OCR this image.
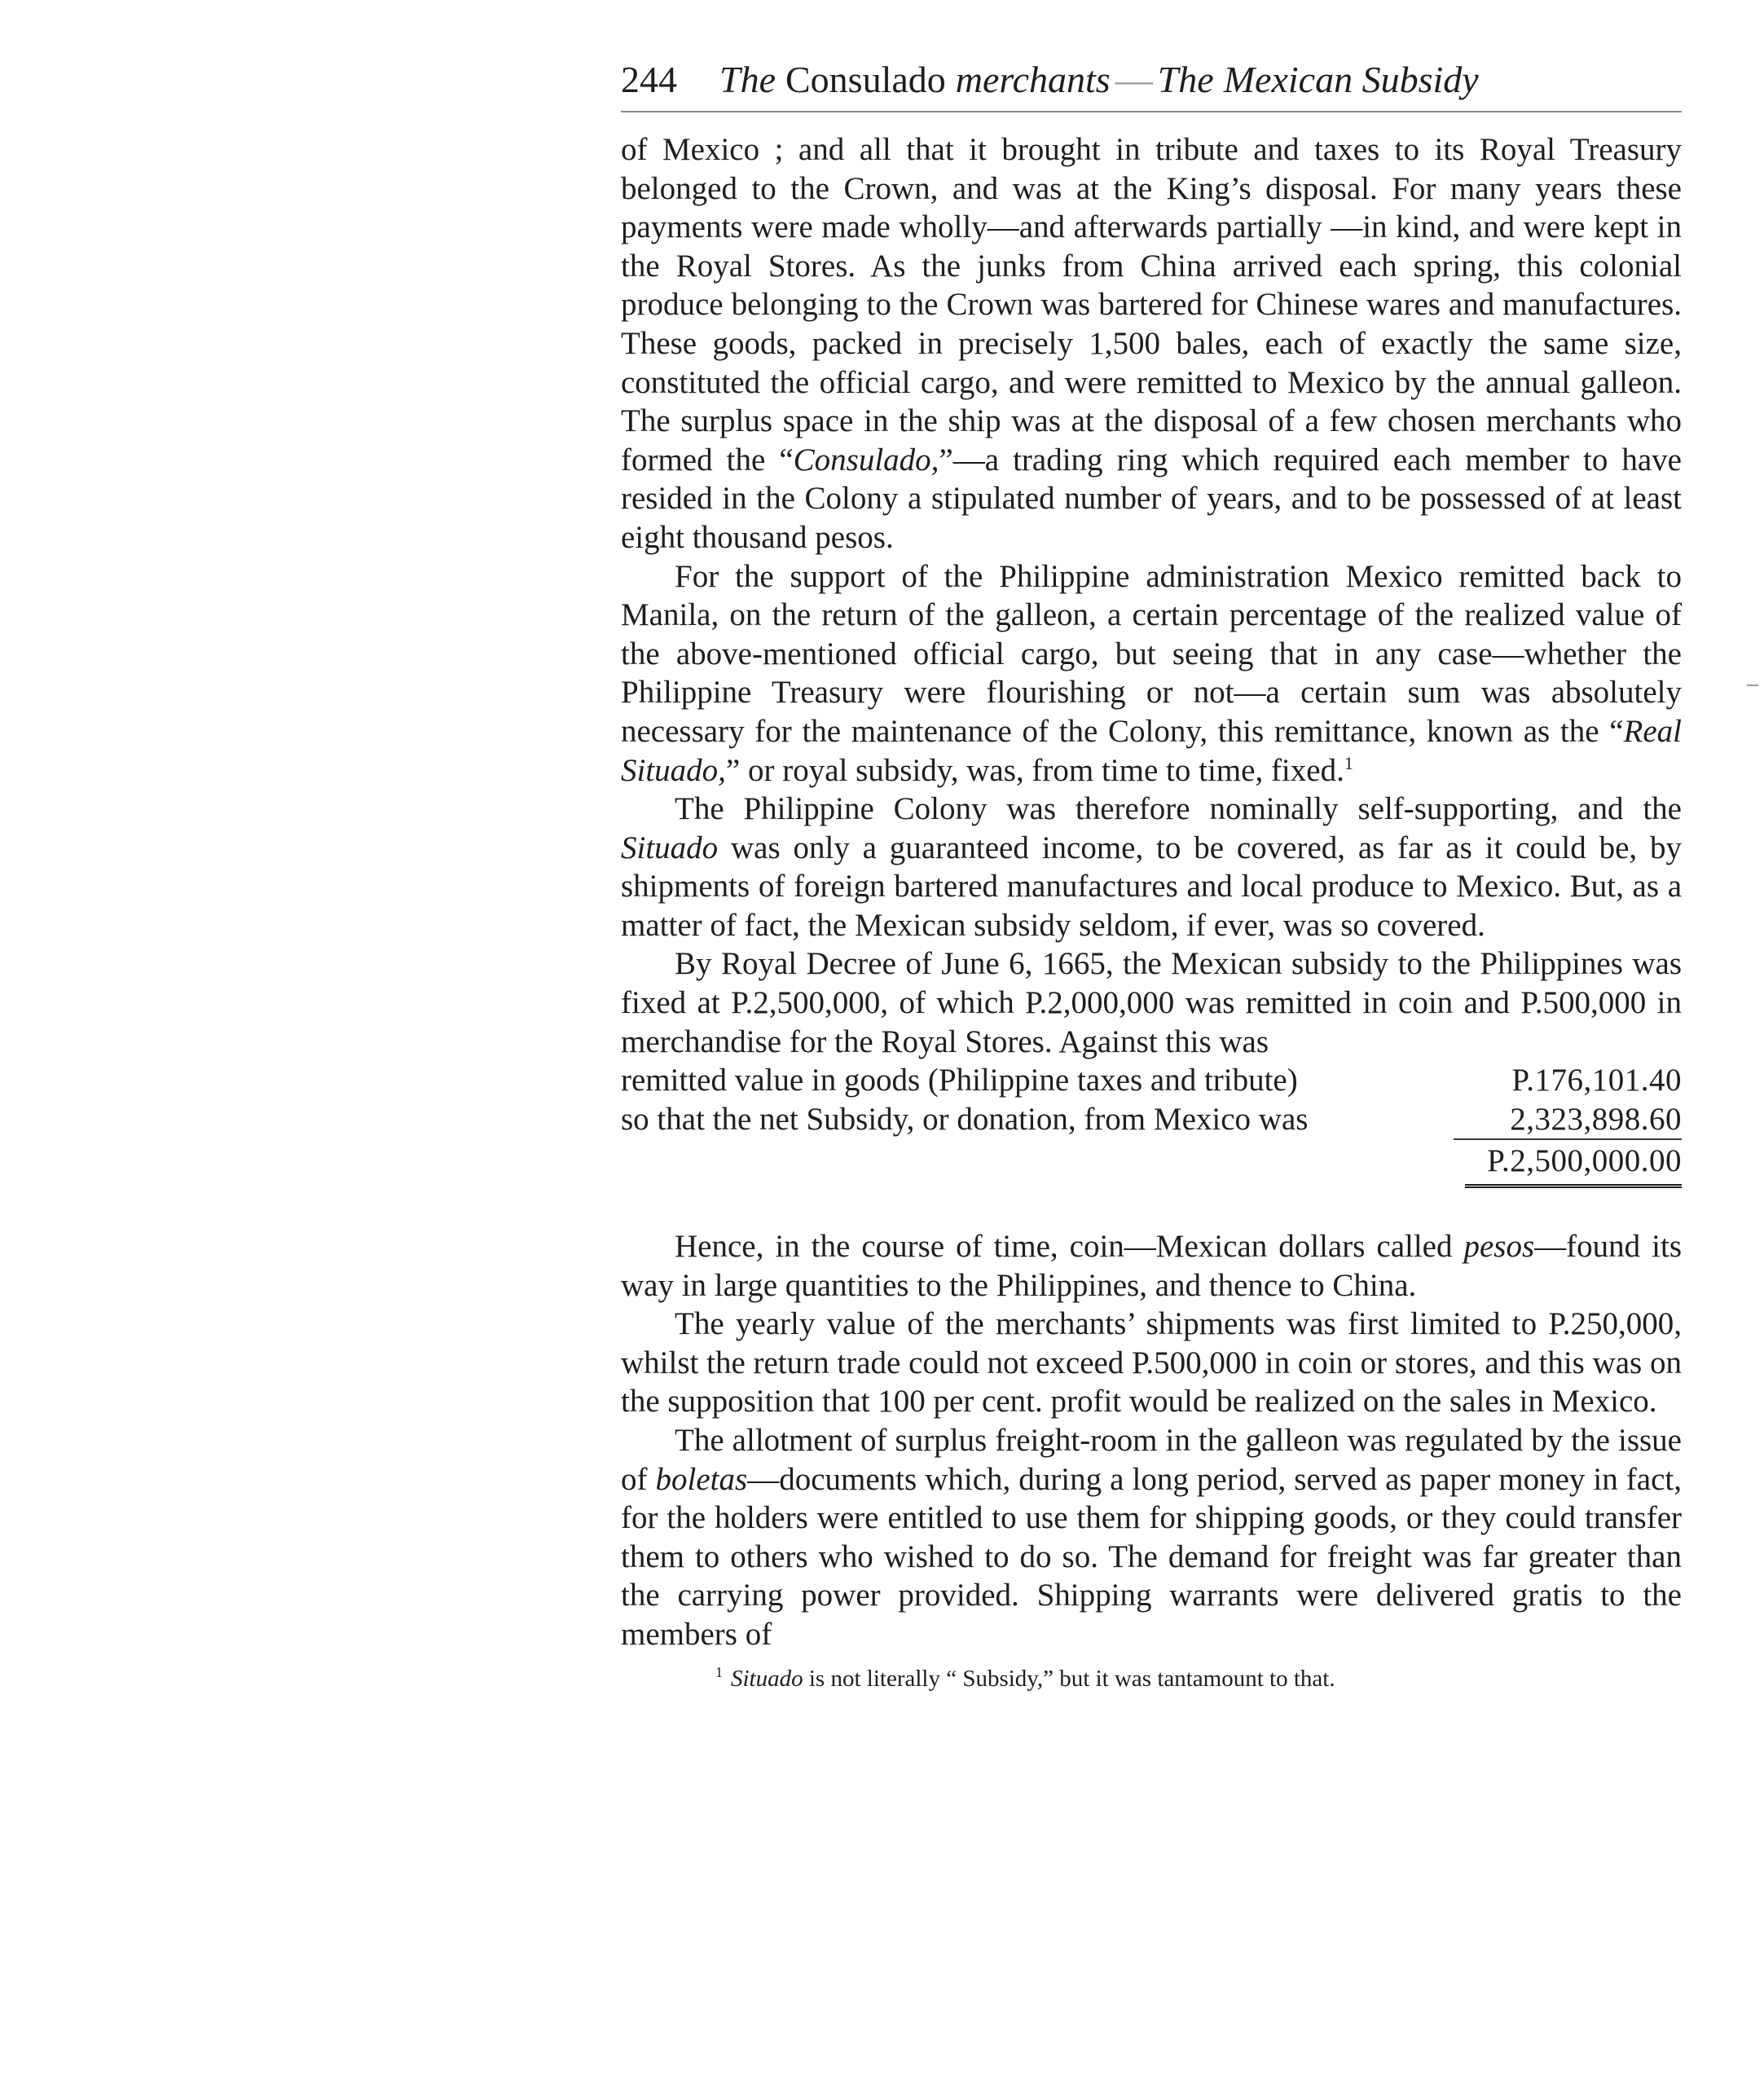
244 The Consulado merchants — The Mexican Subsidy

of Mexico ; and all that it brought in tribute and taxes to its Royal Treasury belonged to the Crown, and was at the King’s disposal. For many years these payments were made wholly—and afterwards partially —in kind, and were kept in the Royal Stores. As the junks from China arrived each spring, this colonial produce belonging to the Crown was bartered for Chinese wares and manufactures. These goods, packed in precisely 1,500 bales, each of exactly the same size, constituted the official cargo, and were remitted to Mexico by the annual galleon. The surplus space in the ship was at the disposal of a few chosen merchants who formed the “Consulado,”—a trading ring which required each member to have resided in the Colony a stipulated number of years, and to be possessed of at least eight thousand pesos.

For the support of the Philippine administration Mexico remitted back to Manila, on the return of the galleon, a certain percentage of the realized value of the above-mentioned official cargo, but seeing that in any case—whether the Philippine Treasury were flourishing or not—a certain sum was absolutely necessary for the maintenance of the Colony, this remittance, known as the “Real Situado,” or royal subsidy, was, from time to time, fixed.$^1$

The Philippine Colony was therefore nominally self-supporting, and the Situado was only a guaranteed income, to be covered, as far as it could be, by shipments of foreign bartered manufactures and local produce to Mexico. But, as a matter of fact, the Mexican subsidy seldom, if ever, was so covered.

By Royal Decree of June 6, 1665, the Mexican subsidy to the Philippines was fixed at P.2,500,000, of which P.2,000,000 was remitted in coin and P.500,000 in merchandise for the Royal Stores. Against this was

remitted value in goods (Philippine taxes and tribute)	P.176,101.40
so that the net Subsidy, or donation, from Mexico was	2,323,898.60
P.2,500,000.00

Hence, in the course of time, coin—Mexican dollars called pesos—found its way in large quantities to the Philippines, and thence to China.

The yearly value of the merchants’ shipments was first limited to P.250,000, whilst the return trade could not exceed P.500,000 in coin or stores, and this was on the supposition that 100 per cent. profit would be realized on the sales in Mexico.

The allotment of surplus freight-room in the galleon was regulated by the issue of boletas—documents which, during a long period, served as paper money in fact, for the holders were entitled to use them for shipping goods, or they could transfer them to others who wished to do so. The demand for freight was far greater than the carrying power provided. Shipping warrants were delivered gratis to the members of

$^1$ Situado is not literally “ Subsidy,” but it was tantamount to that.
